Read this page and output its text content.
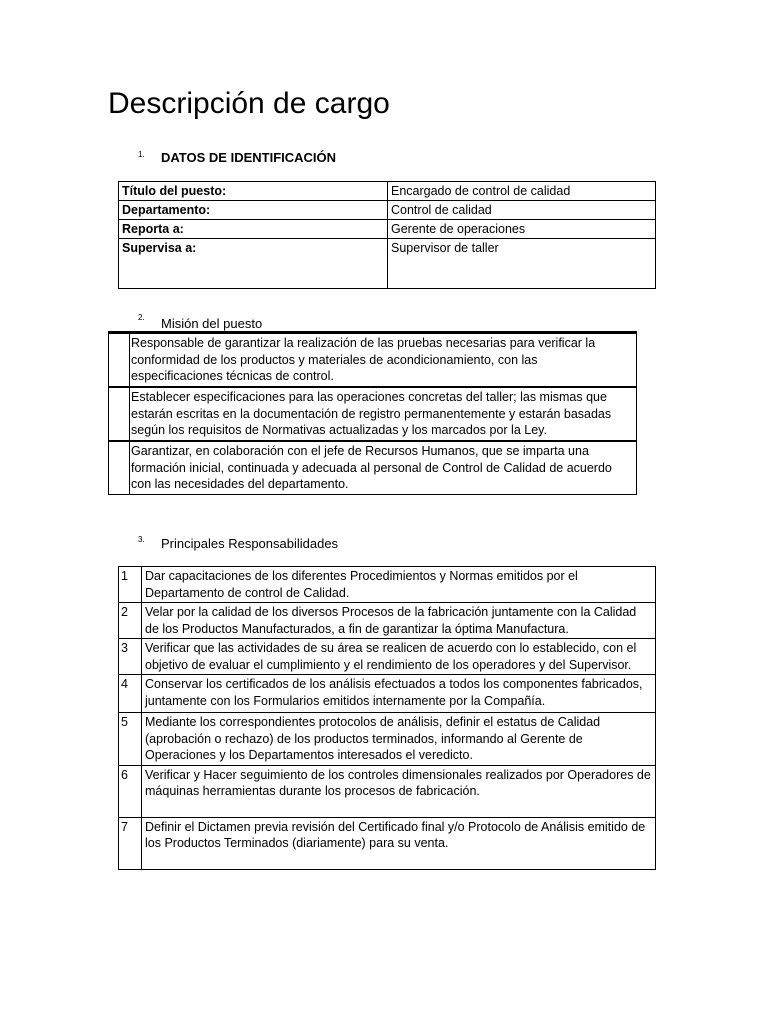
Descripción de cargo
1. DATOS DE IDENTIFICACIÓN
Título del puesto:	Encargado de control de calidad
Departamento:	Control de calidad
Reporta a:	Gerente de operaciones
Supervisa a:	Supervisor de taller
2. Misión del puesto
Responsable de garantizar la realización de las pruebas necesarias para verificar la conformidad de los productos y materiales de acondicionamiento, con las especificaciones técnicas de control.
Establecer especificaciones para las operaciones concretas del taller; las mismas que estarán escritas en la documentación de registro permanentemente y estarán basadas según los requisitos de Normativas actualizadas y los marcados por la Ley.
Garantizar, en colaboración con el jefe de Recursos Humanos, que se imparta una formación inicial, continuada y adecuada al personal de Control de Calidad de acuerdo con las necesidades del departamento.
3. Principales Responsabilidades
1	Dar capacitaciones de los diferentes Procedimientos y Normas emitidos por el Departamento de control de Calidad.
2	Velar por la calidad de los diversos Procesos de la fabricación juntamente con la Calidad de los Productos Manufacturados, a fin de garantizar la óptima Manufactura.
3	Verificar que las actividades de su área se realicen de acuerdo con lo establecido, con el objetivo de evaluar el cumplimiento y el rendimiento de los operadores y del Supervisor.
4	Conservar los certificados de los análisis efectuados a todos los componentes fabricados, juntamente con los Formularios emitidos internamente por la Compañía.
5	Mediante los correspondientes protocolos de análisis, definir el estatus de Calidad (aprobación o rechazo) de los productos terminados, informando al Gerente de Operaciones y los Departamentos interesados el veredicto.
6	Verificar y Hacer seguimiento de los controles dimensionales realizados por Operadores de máquinas herramientas durante los procesos de fabricación.
7	Definir el Dictamen previa revisión del Certificado final y/o Protocolo de Análisis emitido de los Productos Terminados (diariamente) para su venta.
